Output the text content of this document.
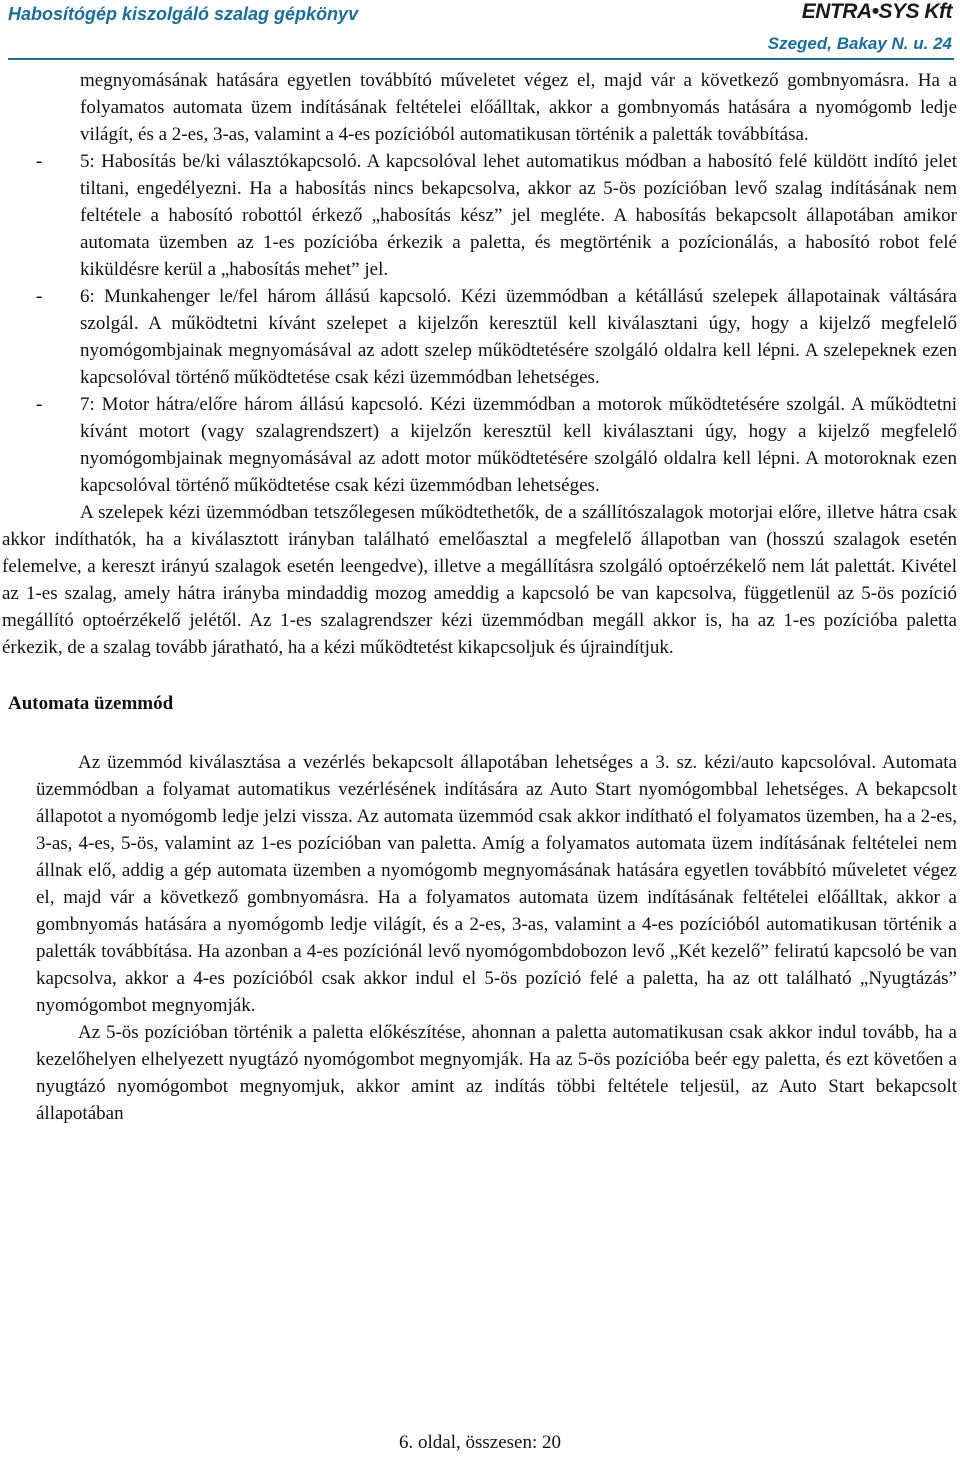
Habosítógép kiszolgáló szalag gépkönyv	ENTRA•SYS Kft
Szeged, Bakay N. u. 24

megnyomásának hatására egyetlen továbbító műveletet végez el, majd vár a következő gombnyomásra. Ha a folyamatos automata üzem indításának feltételei előálltak, akkor a gombnyomás hatására a nyomógomb ledje világít, és a 2-es, 3-as, valamint a 4-es pozícióból automatikusan történik a paletták továbbítása.

- 5: Habosítás be/ki választókapcsoló. A kapcsolóval lehet automatikus módban a habosító felé küldött indító jelet tiltani, engedélyezni. Ha a habosítás nincs bekapcsolva, akkor az 5-ös pozícióban levő szalag indításának nem feltétele a habosító robottól érkező „habosítás kész” jel megléte. A habosítás bekapcsolt állapotában amikor automata üzemben az 1-es pozícióba érkezik a paletta, és megtörténik a pozícionálás, a habosító robot felé kiküldésre kerül a „habosítás mehet” jel.

- 6: Munkahenger le/fel három állású kapcsoló. Kézi üzemmódban a kétállású szelepek állapotainak váltására szolgál. A működtetni kívánt szelepet a kijelzőn keresztül kell kiválasztani úgy, hogy a kijelző megfelelő nyomógombjainak megnyomásával az adott szelep működtetésére szolgáló oldalra kell lépni. A szelepeknek ezen kapcsolóval történő működtetése csak kézi üzemmódban lehetséges.

- 7: Motor hátra/előre három állású kapcsoló. Kézi üzemmódban a motorok működtetésére szolgál. A működtetni kívánt motort (vagy szalagrendszert) a kijelzőn keresztül kell kiválasztani úgy, hogy a kijelző megfelelő nyomógombjainak megnyomásával az adott motor működtetésére szolgáló oldalra kell lépni. A motoroknak ezen kapcsolóval történő működtetése csak kézi üzemmódban lehetséges.

A szelepek kézi üzemmódban tetszőlegesen működtethetők, de a szállítószalagok motorjai előre, illetve hátra csak akkor indíthatók, ha a kiválasztott irányban található emelőasztal a megfelelő állapotban van (hosszú szalagok esetén felemelve, a kereszt irányú szalagok esetén leengedve), illetve a megállításra szolgáló optoérzékelő nem lát palettát. Kivétel az 1-es szalag, amely hátra irányba mindaddig mozog ameddig a kapcsoló be van kapcsolva, függetlenül az 5-ös pozíció megállító optoérzékelő jelétől. Az 1-es szalagrendszer kézi üzemmódban megáll akkor is, ha az 1-es pozícióba paletta érkezik, de a szalag tovább járatható, ha a kézi működtetést kikapcsoljuk és újraindítjuk.

Automata üzemmód

Az üzemmód kiválasztása a vezérlés bekapcsolt állapotában lehetséges a 3. sz. kézi/auto kapcsolóval. Automata üzemmódban a folyamat automatikus vezérlésének indítására az Auto Start nyomógombbal lehetséges. A bekapcsolt állapotot a nyomógomb ledje jelzi vissza. Az automata üzemmód csak akkor indítható el folyamatos üzemben, ha a 2-es, 3-as, 4-es, 5-ös, valamint az 1-es pozícióban van paletta. Amíg a folyamatos automata üzem indításának feltételei nem állnak elő, addig a gép automata üzemben a nyomógomb megnyomásának hatására egyetlen továbbító műveletet végez el, majd vár a következő gombnyomásra. Ha a folyamatos automata üzem indításának feltételei előálltak, akkor a gombnyomás hatására a nyomógomb ledje világít, és a 2-es, 3-as, valamint a 4-es pozícióból automatikusan történik a paletták továbbítása. Ha azonban a 4-es pozíciónál levő nyomógombdobozon levő „Két kezelő” feliratú kapcsoló be van kapcsolva, akkor a 4-es pozícióból csak akkor indul el 5-ös pozíció felé a paletta, ha az ott található „Nyugtázás” nyomógombot megnyomják.

Az 5-ös pozícióban történik a paletta előkészítése, ahonnan a paletta automatikusan csak akkor indul tovább, ha a kezelőhelyen elhelyezett nyugtázó nyomógombot megnyomják. Ha az 5-ös pozícióba beér egy paletta, és ezt követően a nyugtázó nyomógombot megnyomjuk, akkor amint az indítás többi feltétele teljesül, az Auto Start bekapcsolt állapotában

6. oldal, összesen: 20
